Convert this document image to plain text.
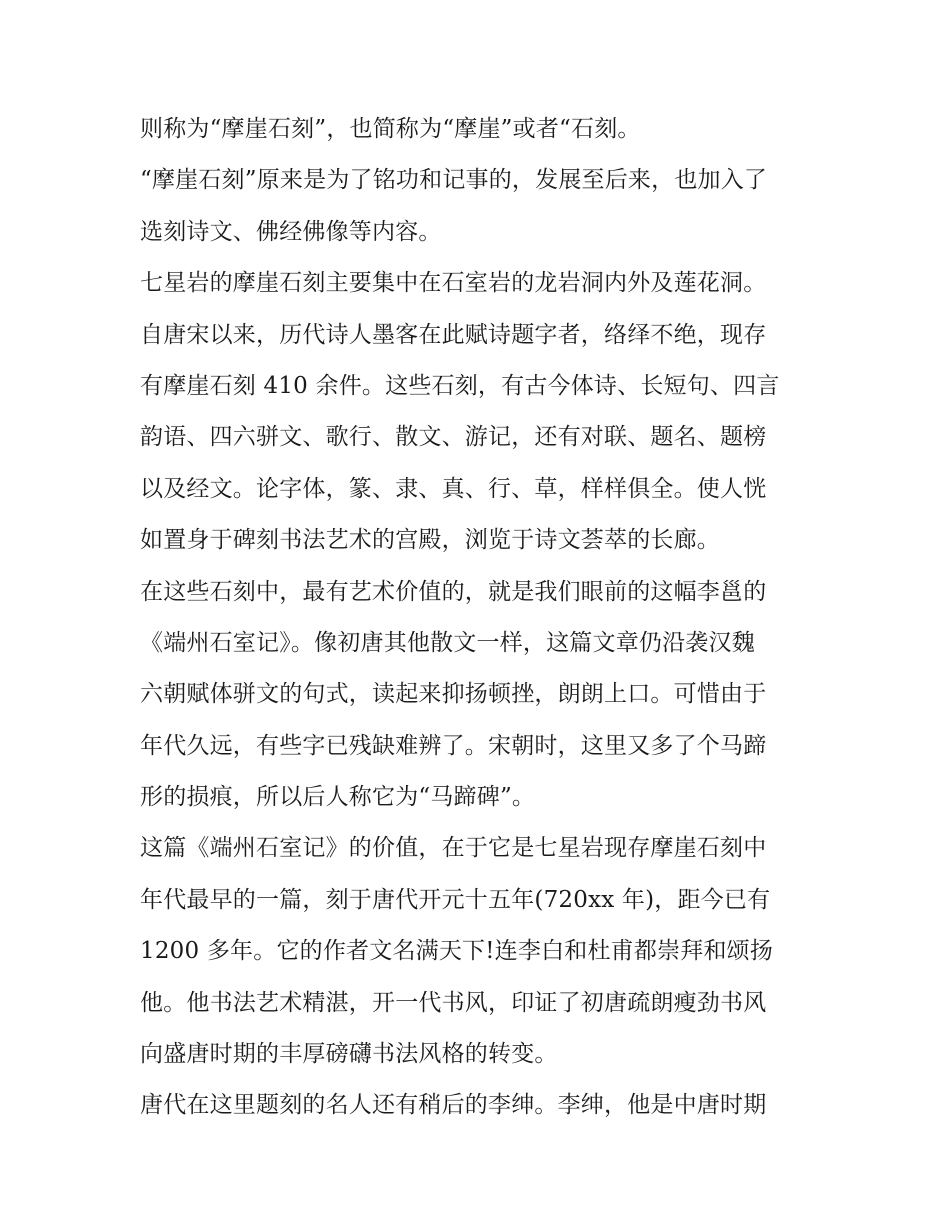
则称为“摩崖石刻”，也简称为“摩崖”或者“石刻。
“摩崖石刻”原来是为了铭功和记事的，发展至后来，也加入了
选刻诗文、佛经佛像等内容。
七星岩的摩崖石刻主要集中在石室岩的龙岩洞内外及莲花洞。
自唐宋以来，历代诗人墨客在此赋诗题字者，络绎不绝，现存
有摩崖石刻 410 余件。这些石刻，有古今体诗、长短句、四言
韵语、四六骈文、歌行、散文、游记，还有对联、题名、题榜
以及经文。论字体，篆、隶、真、行、草，样样俱全。使人恍
如置身于碑刻书法艺术的宫殿，浏览于诗文荟萃的长廊。
在这些石刻中，最有艺术价值的，就是我们眼前的这幅李邕的
《端州石室记》。像初唐其他散文一样，这篇文章仍沿袭汉魏
六朝赋体骈文的句式，读起来抑扬顿挫，朗朗上口。可惜由于
年代久远，有些字已残缺难辨了。宋朝时，这里又多了个马蹄
形的损痕，所以后人称它为“马蹄碑”。
这篇《端州石室记》的价值，在于它是七星岩现存摩崖石刻中
年代最早的一篇，刻于唐代开元十五年(720xx 年)，距今已有
1200 多年。它的作者文名满天下!连李白和杜甫都崇拜和颂扬
他。他书法艺术精湛，开一代书风，印证了初唐疏朗瘦劲书风
向盛唐时期的丰厚磅礴书法风格的转变。
唐代在这里题刻的名人还有稍后的李绅。李绅，他是中唐时期
